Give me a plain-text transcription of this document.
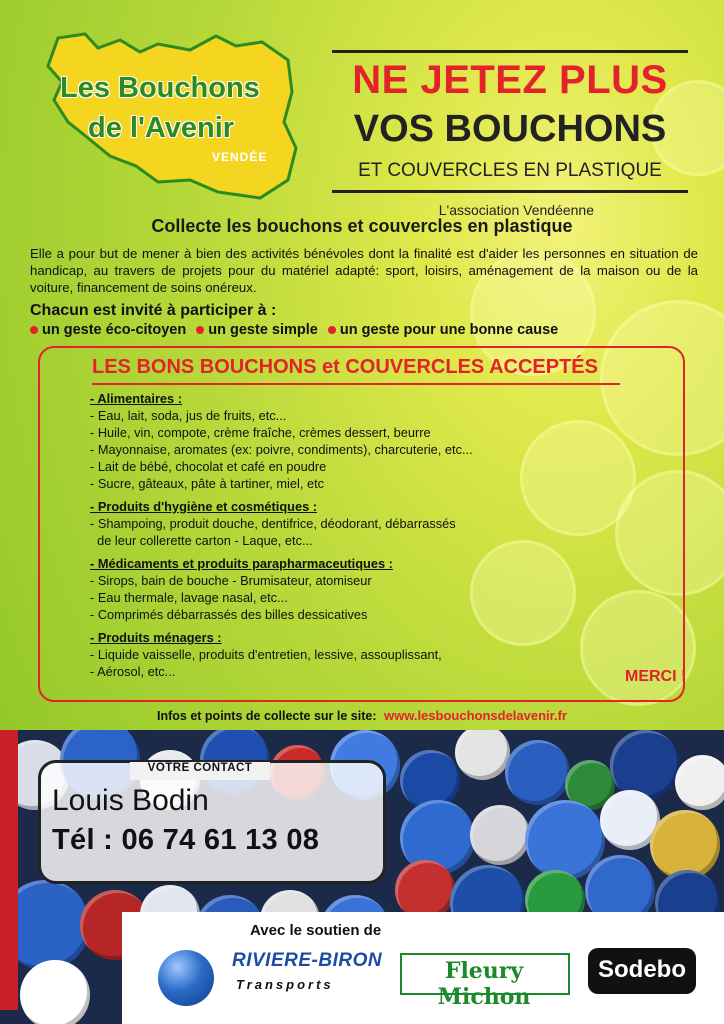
Les Bouchons
de l'Avenir
VENDÉE
NE JETEZ PLUS
VOS BOUCHONS
ET COUVERCLES EN PLASTIQUE
L'association Vendéenne
Collecte les bouchons et couvercles en plastique
Elle a pour but de mener à bien des activités bénévoles dont la finalité est d'aider les personnes en situation de handicap, au travers de projets pour du matériel adapté: sport, loisirs, aménagement de la maison ou de la voiture, financement de soins onéreux.
Chacun est invité à participer à :
un geste éco-citoyen un geste simple un geste pour une bonne cause
LES BONS BOUCHONS et COUVERCLES ACCEPTÉS
- Alimentaires :
- Eau, lait, soda, jus de fruits, etc...
- Huile, vin, compote, crème fraîche, crèmes dessert, beurre
- Mayonnaise, aromates (ex: poivre, condiments), charcuterie, etc...
- Lait de bébé, chocolat et café en poudre
- Sucre, gâteaux, pâte à tartiner, miel, etc
- Produits d'hygiène et cosmétiques :
- Shampoing, produit douche, dentifrice, déodorant, débarrassés
de leur collerette carton - Laque, etc...
- Médicaments et produits parapharmaceutiques :
- Sirops, bain de bouche - Brumisateur, atomiseur
- Eau thermale, lavage nasal, etc...
- Comprimés débarrassés des billes dessicatives
- Produits ménagers :
- Liquide vaisselle, produits d'entretien, lessive, assouplissant,
- Aérosol, etc...	MERCI !
Infos et points de collecte sur le site: www.lesbouchonsdelavenir.fr
VOTRE CONTACT
Louis Bodin
Tél : 06 74 61 13 08
Avec le soutien de
RIVIERE-BIRON
Transports
Fleury Michon
Sodebo
